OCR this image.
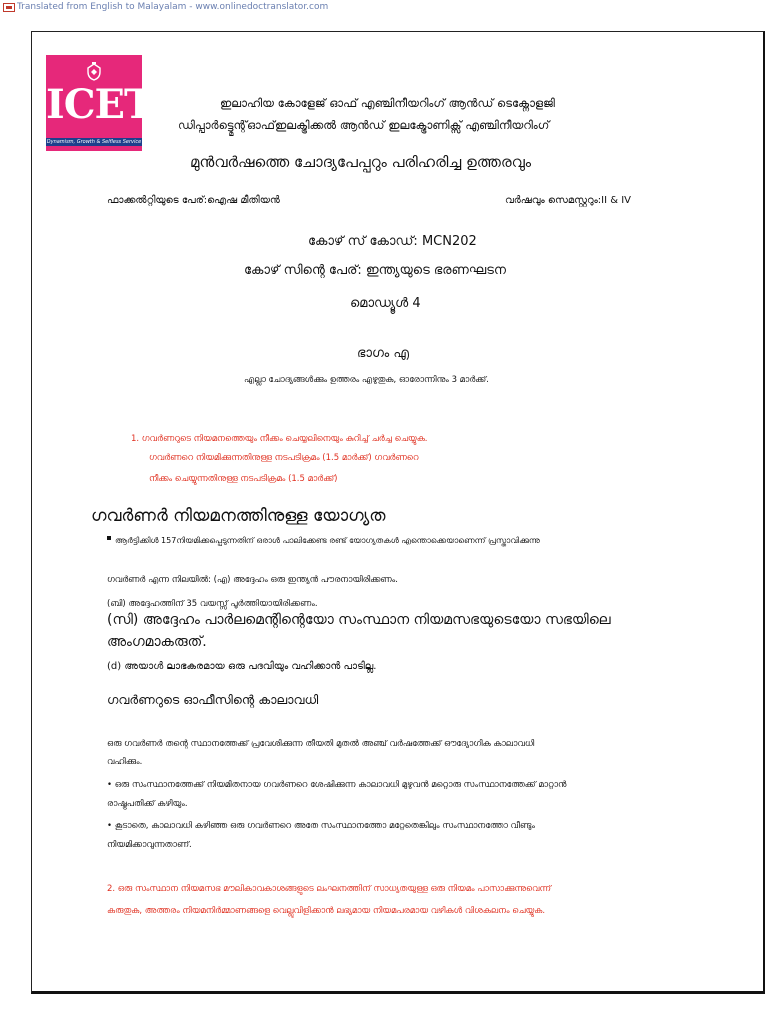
Translated from English to Malayalam - www.onlinedoctranslator.com
ICET
Dynamism, Growth & Selfless Service
ഇലാഹിയ കോളേജ് ഓഫ് എഞ്ചിനീയറിംഗ് ആൻഡ് ടെക്നോളജി
ഡിപ്പാർട്ട്മെന്റ്ഓഫ്ഇലക്ട്രിക്കൽ ആൻഡ് ഇലക്ട്രോണിക്സ് എഞ്ചിനീയറിംഗ്
മുൻവർഷത്തെ ചോദ്യപേപ്പറും പരിഹരിച്ച ഉത്തരവും
ഫാക്കൽറ്റിയുടെ പേര്:ഐഷ മീതിയൻ	വർഷവും സെമസ്റ്ററും:II & IV
കോഴ് സ് കോഡ്: MCN202
കോഴ് സിന്റെ പേര്: ഇന്ത്യയുടെ ഭരണഘടന
മൊഡ്യൂൾ 4
ഭാഗം എ
എല്ലാ ചോദ്യങ്ങൾക്കും ഉത്തരം എഴുതുക, ഓരോന്നിനും 3 മാർക്ക്.
1. ഗവർണറുടെ നിയമനത്തെയും നീക്കം ചെയ്യലിനെയും കുറിച്ച് ചർച്ച ചെയ്യുക.
ഗവർണറെ നിയമിക്കുന്നതിനുള്ള നടപടിക്രമം (1.5 മാർക്ക്) ഗവർണറെ
നീക്കം ചെയ്യുന്നതിനുള്ള നടപടിക്രമം (1.5 മാർക്ക്)
ഗവർണർ നിയമനത്തിനുള്ള യോഗ്യത
ആർട്ടിക്കിൾ 157നിയമിക്കപ്പെടുന്നതിന് ഒരാൾ പാലിക്കേണ്ട രണ്ട് യോഗ്യതകൾ എന്തൊക്കെയാണെന്ന് പ്രസ്താവിക്കുന്നു
ഗവർണർ എന്ന നിലയിൽ: (എ) അദ്ദേഹം ഒരു ഇന്ത്യൻ പൗരനായിരിക്കണം.
(ബി) അദ്ദേഹത്തിന് 35 വയസ്സ് പൂർത്തിയായിരിക്കണം.
(സി) അദ്ദേഹം പാർലമെന്റിന്റെയോ സംസ്ഥാന നിയമസഭയുടെയോ സഭയിലെ
അംഗമാകരുത്.
(d) അയാൾ ലാഭകരമായ ഒരു പദവിയും വഹിക്കാൻ പാടില്ല.
ഗവർണറുടെ ഓഫീസിന്റെ കാലാവധി
ഒരു ഗവർണർ തന്റെ സ്ഥാനത്തേക്ക് പ്രവേശിക്കുന്ന തീയതി മുതൽ അഞ്ച് വർഷത്തേക്ക് ഔദ്യോഗിക കാലാവധി
വഹിക്കും.
• ഒരു സംസ്ഥാനത്തേക്ക് നിയമിതനായ ഗവർണറെ ശേഷിക്കുന്ന കാലാവധി മുഴുവൻ മറ്റൊരു സംസ്ഥാനത്തേക്ക് മാറ്റാൻ
രാഷ്ട്രപതിക്ക് കഴിയും.
• കൂടാതെ, കാലാവധി കഴിഞ്ഞ ഒരു ഗവർണറെ അതേ സംസ്ഥാനത്തോ മറ്റേതെങ്കിലും സംസ്ഥാനത്തോ വീണ്ടും
നിയമിക്കാവുന്നതാണ്.
2. ഒരു സംസ്ഥാന നിയമസഭ മൗലികാവകാശങ്ങളുടെ ലംഘനത്തിന് സാധ്യതയുള്ള ഒരു നിയമം പാസാക്കുന്നുവെന്ന്
കരുതുക, അത്തരം നിയമനിർമ്മാണങ്ങളെ വെല്ലുവിളിക്കാൻ ലഭ്യമായ നിയമപരമായ വഴികൾ വിശകലനം ചെയ്യുക.
